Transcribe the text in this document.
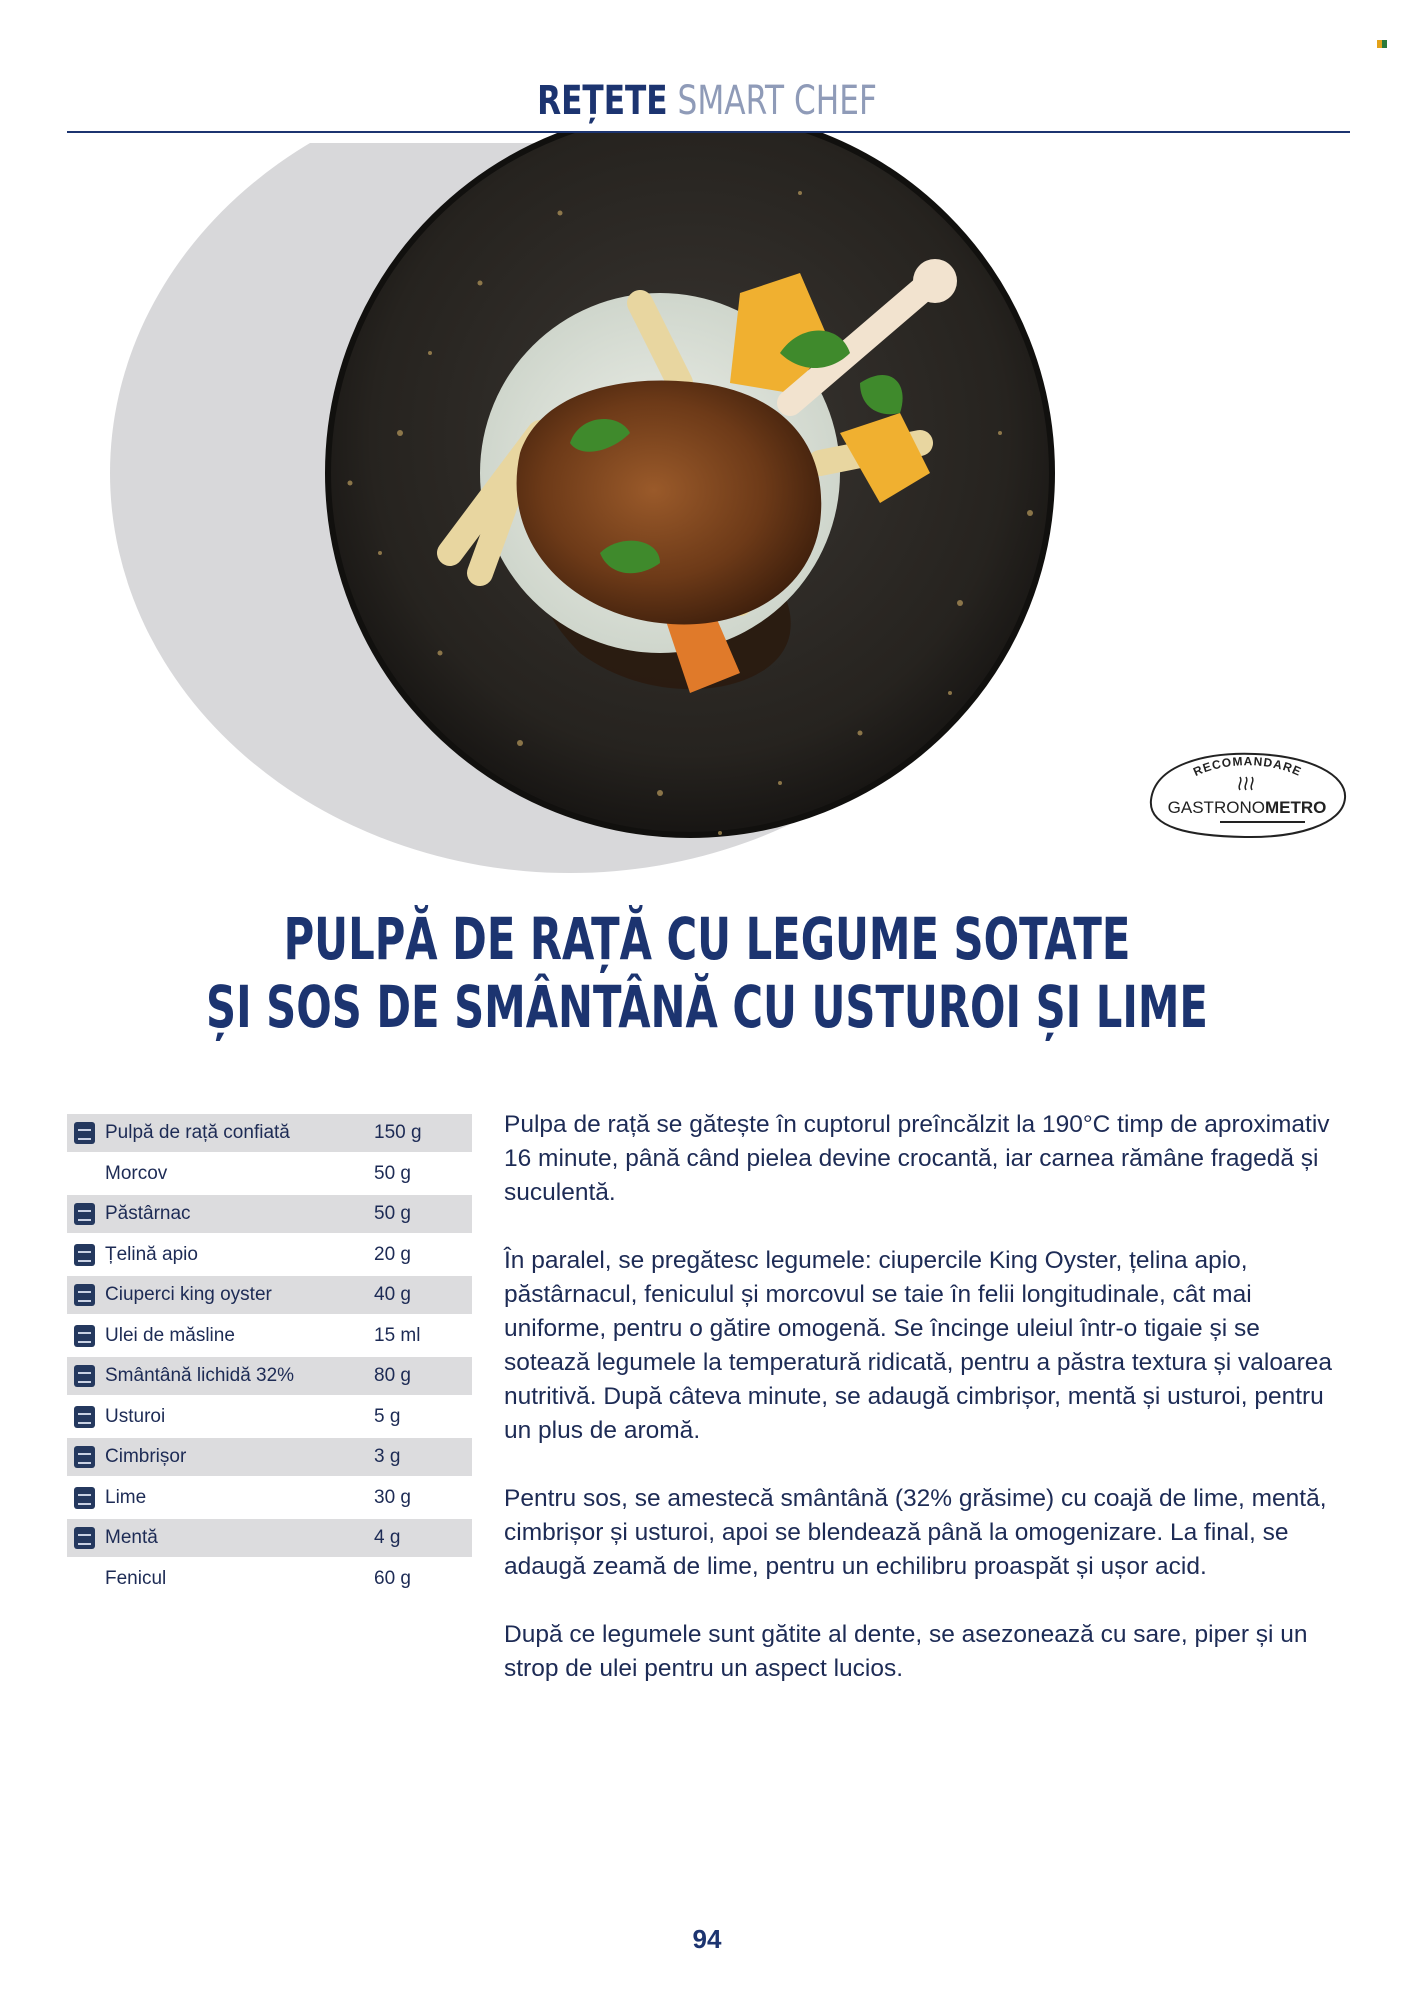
REȚETE SMART CHEF
RECOMANDARE
GASTRONOMETRO
PULPĂ DE RAȚĂ CU LEGUME SOTATE
ȘI SOS DE SMÂNTÂNĂ CU USTUROI ȘI LIME
Pulpă de rață confiată	150 g
Morcov	50 g
Păstârnac	50 g
Țelină apio	20 g
Ciuperci king oyster	40 g
Ulei de măsline	15 ml
Smântână lichidă 32%	80 g
Usturoi	5 g
Cimbrișor	3 g
Lime	30 g
Mentă	4 g
Fenicul	60 g

Pulpa de rață se gătește în cuptorul preîncălzit la 190°C timp de aproximativ 16 minute, până când pielea devine crocantă, iar carnea rămâne fragedă și suculentă.

În paralel, se pregătesc legumele: ciupercile King Oyster, țelina apio, păstârnacul, feniculul și morcovul se taie în felii longitudinale, cât mai uniforme, pentru o gătire omogenă. Se încinge uleiul într-o tigaie și se sotează legumele la temperatură ridicată, pentru a păstra textura și valoarea nutritivă. După câteva minute, se adaugă cimbrișor, mentă și usturoi, pentru un plus de aromă.

Pentru sos, se amestecă smântână (32% grăsime) cu coajă de lime, mentă, cimbrișor și usturoi, apoi se blendează până la omogenizare. La final, se adaugă zeamă de lime, pentru un echilibru proaspăt și ușor acid.

După ce legumele sunt gătite al dente, se asezonează cu sare, piper și un strop de ulei pentru un aspect lucios.

94
